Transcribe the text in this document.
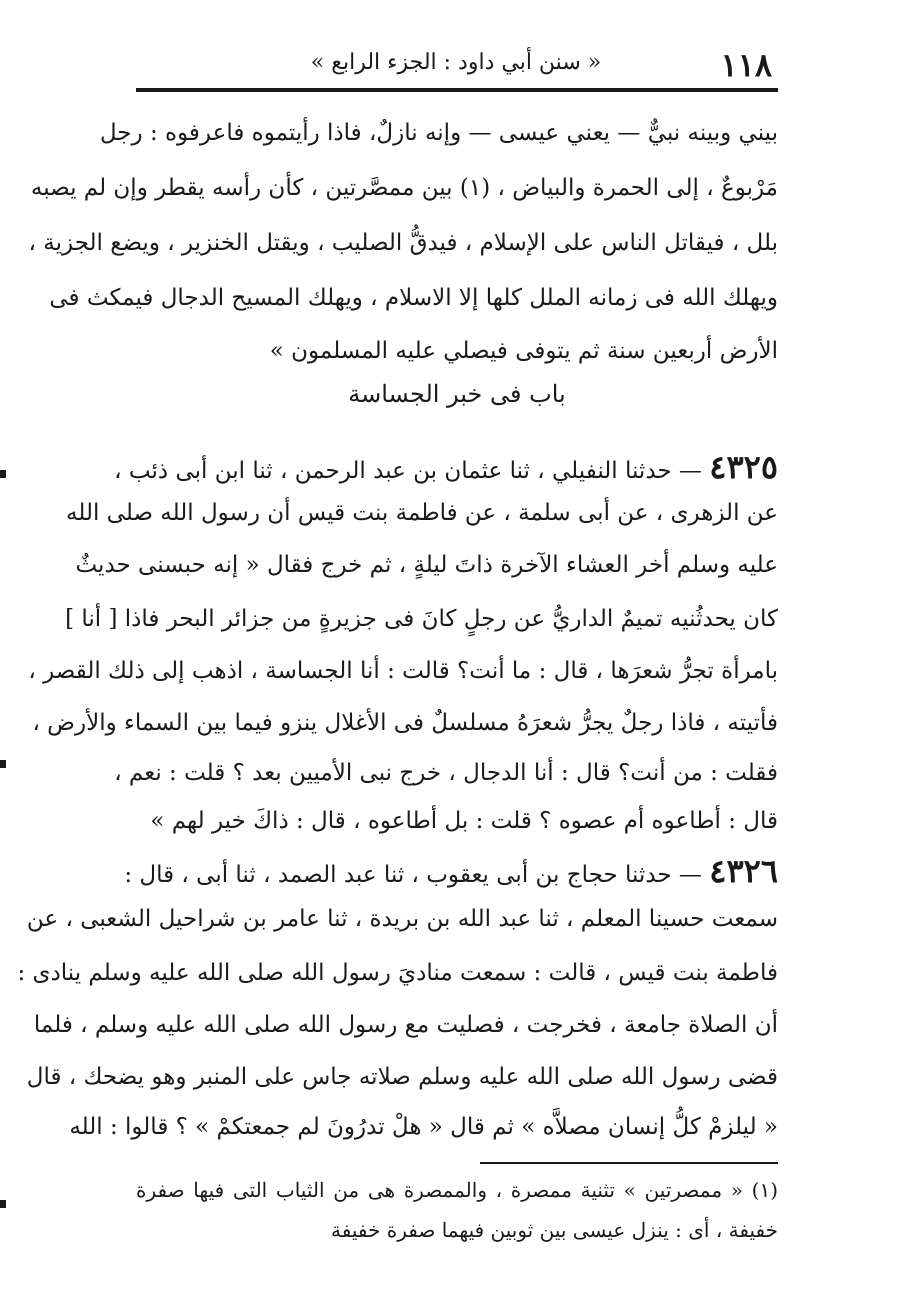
١١٨
« سنن أبي داود : الجزء الرابع »
بيني وبينه نبيٌّ — يعني عيسى — وإنه نازلٌ، فاذا رأيتموه فاعرفوه : رجل
مَرْبوعٌ ، إلى الحمرة والبياض ، (١) بين ممصَّرتين ، كأن رأسه يقطر وإن لم يصبه
بلل ، فيقاتل الناس على الإسلام ، فيدقُّ الصليب ، ويقتل الخنزير ، ويضع الجزية ،
ويهلك الله فى زمانه الملل كلها إلا الاسلام ، ويهلك المسيح الدجال فيمكث فى
الأرض أربعين سنة ثم يتوفى فيصلي عليه المسلمون »
باب فى خبر الجساسة
٤٣٢٥ — حدثنا النفيلي ، ثنا عثمان بن عبد الرحمن ، ثنا ابن أبى ذئب ،
عن الزهرى ، عن أبى سلمة ، عن فاطمة بنت قيس أن رسول الله صلى الله
عليه وسلم أخر العشاء الآخرة ذاتَ ليلةٍ ، ثم خرج فقال « إنه حبسنى حديثٌ
كان يحدثُنيه تميمٌ الداريُّ عن رجلٍ كانَ فى جزيرةٍ من جزائر البحر فاذا [ أنا ]
بامرأة تجرُّ شعرَها ، قال : ما أنت؟ قالت : أنا الجساسة ، اذهب إلى ذلك القصر ،
فأتيته ، فاذا رجلٌ يجرُّ شعرَهُ مسلسلٌ فى الأغلال ينزو فيما بين السماء والأرض ،
فقلت : من أنت؟ قال : أنا الدجال ، خرج نبى الأميين بعد ؟ قلت : نعم ،
قال : أطاعوه أم عصوه ؟ قلت : بل أطاعوه ، قال : ذاكَ خير لهم »
٤٣٢٦ — حدثنا حجاج بن أبى يعقوب ، ثنا عبد الصمد ، ثنا أبى ، قال :
سمعت حسينا المعلم ، ثنا عبد الله بن بريدة ، ثنا عامر بن شراحيل الشعبى ، عن
فاطمة بنت قيس ، قالت : سمعت مناديَ رسول الله صلى الله عليه وسلم ينادى :
أن الصلاة جامعة ، فخرجت ، فصليت مع رسول الله صلى الله عليه وسلم ، فلما
قضى رسول الله صلى الله عليه وسلم صلاته جاس على المنبر وهو يضحك ، قال
« ليلزمْ كلُّ إنسان مصلاَّه » ثم قال « هلْ تدرُونَ لم جمعتكمْ » ؟ قالوا : الله
(١) « ممصرتين » تثنية ممصرة ، والممصرة هى من الثياب التى فيها صفرة
خفيفة ، أى : ينزل عيسى بين ثوبين فيهما صفرة خفيفة
